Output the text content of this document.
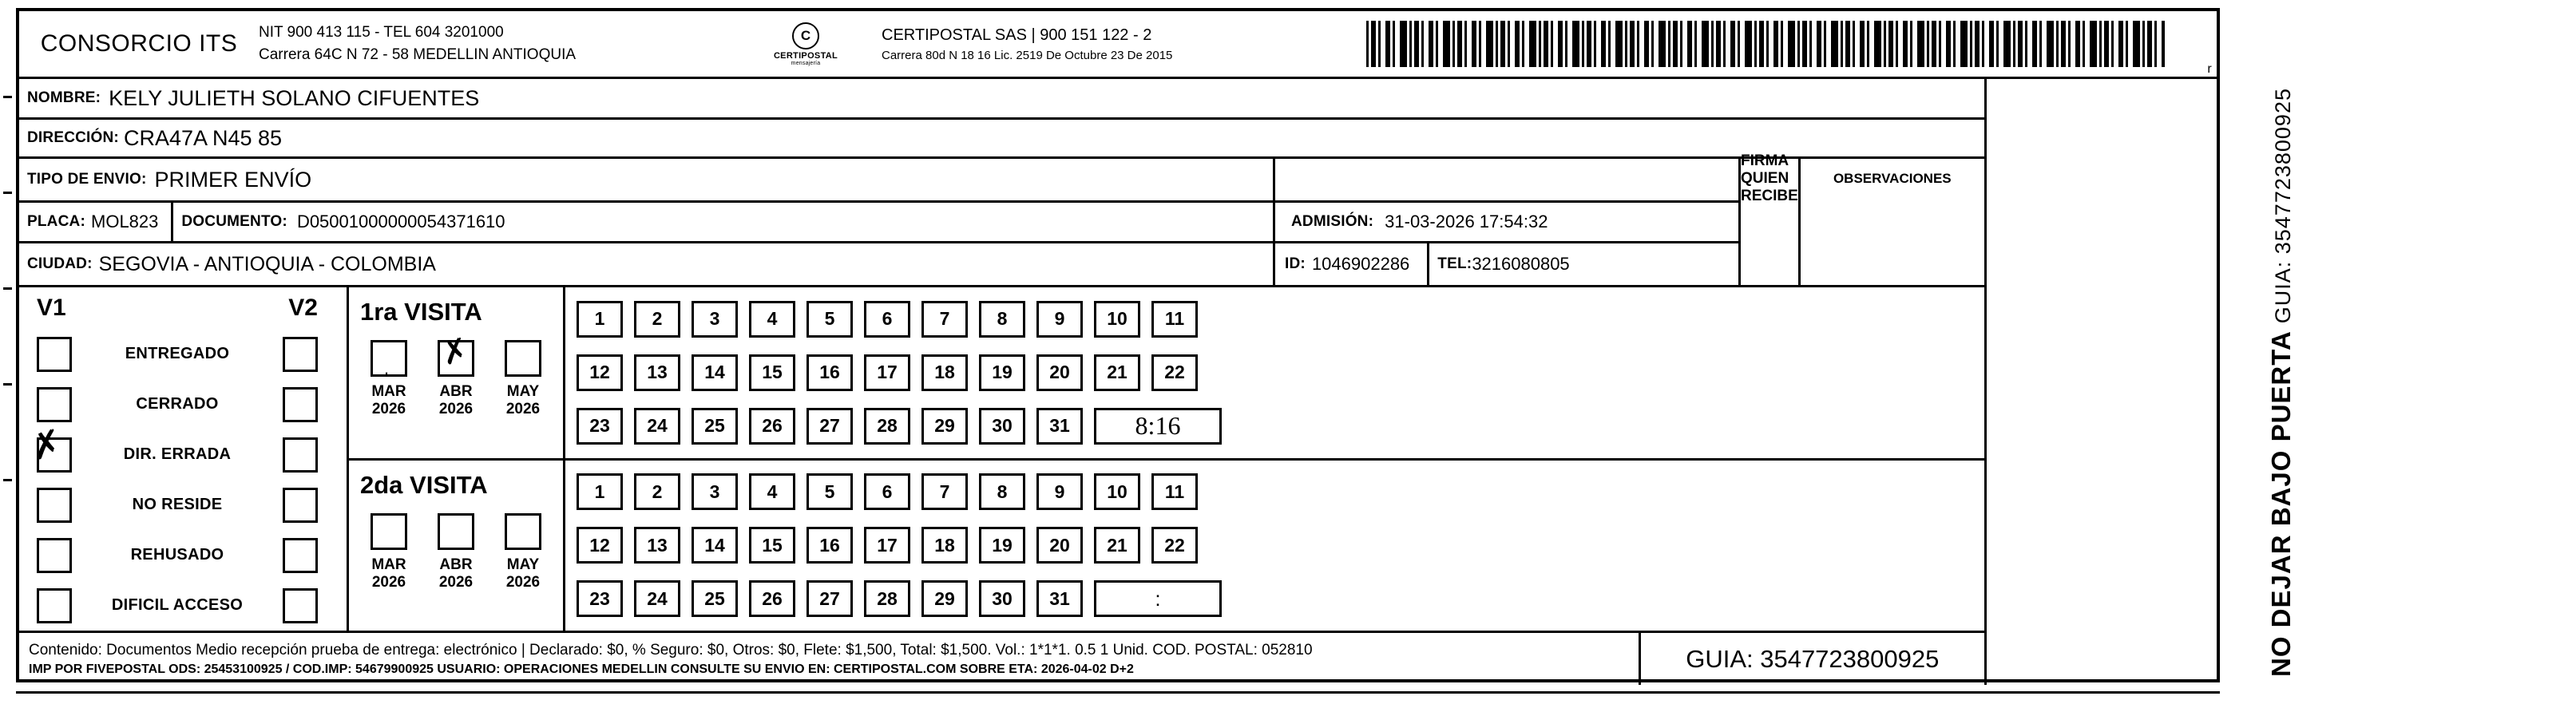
CONSORCIO ITS	NIT 900 413 115 - TEL 604 3201000
Carrera 64C N 72 - 58 MEDELLIN ANTIOQUIA
C
CERTIPOSTAL
mensajería
CERTIPOSTAL SAS | 900 151 122 - 2
Carrera 80d N 18 16 Lic. 2519 De Octubre 23 De 2015
r
NOMBRE: KELY JULIETH SOLANO CIFUENTES
DIRECCIÓN: CRA47A N45 85
TIPO DE ENVIO: PRIMER ENVÍO
PLACA: MOL823	DOCUMENTO: D05001000000054371610
CIUDAD: SEGOVIA - ANTIOQUIA - COLOMBIA
ADMISIÓN: 31-03-2026 17:54:32
ID: 1046902286	TEL: 3216080805
FIRMA QUIEN RECIBE
OBSERVACIONES
V1	V2
ENTREGADO
CERRADO
✗	DIR. ERRADA
NO RESIDE
REHUSADO
DIFICIL ACCESO
1ra VISITA
.
MAR
2026
✗
ABR
2026
MAY
2026
1	2	3	4	5	6	7	8	9	10	11
12	13	14	15	16	17	18	19	20	21	22
23	24	25	26	27	28	29	30	31	8:16
2da VISITA
MAR
2026
ABR
2026
MAY
2026
1	2	3	4	5	6	7	8	9	10	11
12	13	14	15	16	17	18	19	20	21	22
23	24	25	26	27	28	29	30	31	:
Contenido: Documentos Medio recepción prueba de entrega: electrónico | Declarado: $0, % Seguro: $0, Otros: $0, Flete: $1,500, Total: $1,500. Vol.: 1*1*1. 0.5 1 Unid. COD. POSTAL: 052810
IMP POR FIVEPOSTAL ODS: 25453100925 / COD.IMP: 54679900925 USUARIO: OPERACIONES MEDELLIN CONSULTE SU ENVIO EN: CERTIPOSTAL.COM SOBRE ETA: 2026-04-02 D+2	GUIA: 3547723800925	NO DEJAR BAJO PUERTA GUIA: 3547723800925
